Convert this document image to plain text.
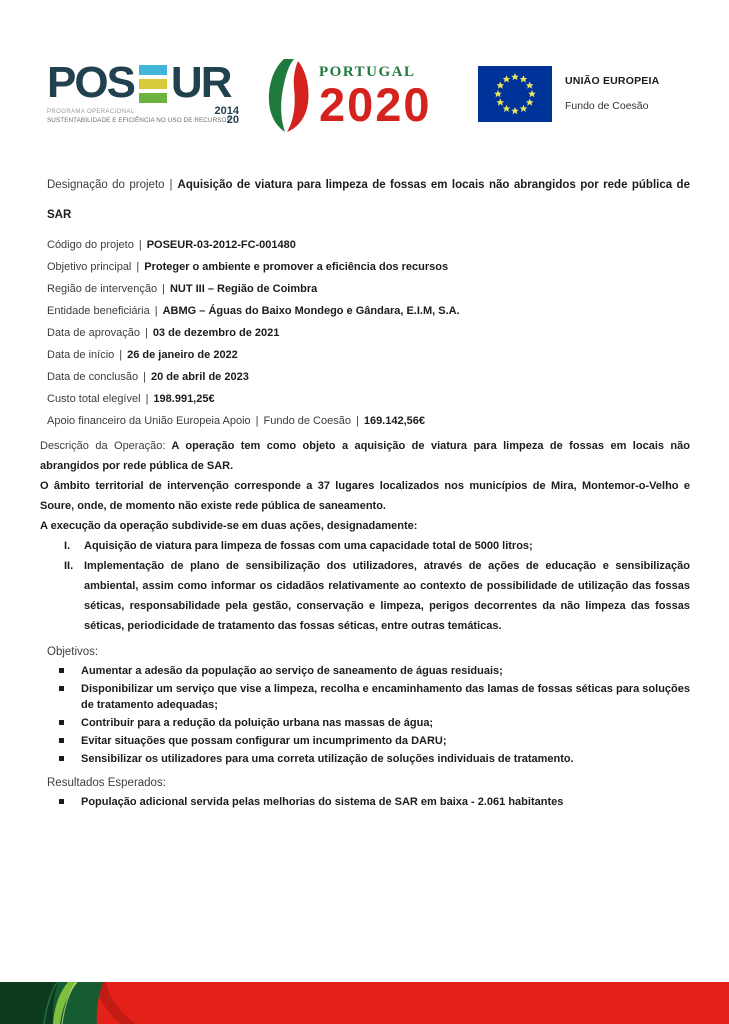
POS UR
PROGRAMA OPERACIONAL
SUSTENTABILIDADE E EFICIÊNCIA NO USO DE RECURSOS
2014
20
PORTUGAL
2020	UNIÃO EUROPEIA
Fundo de Coesão

Designação do projeto | Aquisição de viatura para limpeza de fossas em locais não abrangidos por rede pública de SAR

Código do projeto | POSEUR-03-2012-FC-001480

Objetivo principal | Proteger o ambiente e promover a eficiência dos recursos

Região de intervenção | NUT III – Região de Coimbra

Entidade beneficiária | ABMG – Águas do Baixo Mondego e Gândara, E.I.M, S.A.

Data de aprovação | 03 de dezembro de 2021

Data de início | 26 de janeiro de 2022

Data de conclusão | 20 de abril de 2023

Custo total elegível | 198.991,25€

Apoio financeiro da União Europeia Apoio | Fundo de Coesão | 169.142,56€

Descrição da Operação: A operação tem como objeto a aquisição de viatura para limpeza de fossas em locais não abrangidos por rede pública de SAR.

O âmbito territorial de intervenção corresponde a 37 lugares localizados nos municípios de Mira, Montemor-o-Velho e Soure, onde, de momento não existe rede pública de saneamento.

A execução da operação subdivide-se em duas ações, designadamente:

I.	Aquisição de viatura para limpeza de fossas com uma capacidade total de 5000 litros;
II. Implementação de plano de sensibilização dos utilizadores, através de ações de educação e sensibilização ambiental, assim como informar os cidadãos relativamente ao contexto de possibilidade de utilização das fossas séticas, responsabilidade pela gestão, conservação e limpeza, perigos decorrentes da não limpeza das fossas séticas, periodicidade de tratamento das fossas séticas, entre outras temáticas.

Objetivos:

Aumentar a adesão da população ao serviço de saneamento de águas residuais;
Disponibilizar um serviço que vise a limpeza, recolha e encaminhamento das lamas de fossas séticas para soluções de tratamento adequadas;
Contribuir para a redução da poluição urbana nas massas de água;
Evitar situações que possam configurar um incumprimento da DARU;
Sensibilizar os utilizadores para uma correta utilização de soluções individuais de tratamento.

Resultados Esperados:

População adicional servida pelas melhorias do sistema de SAR em baixa - 2.061 habitantes
